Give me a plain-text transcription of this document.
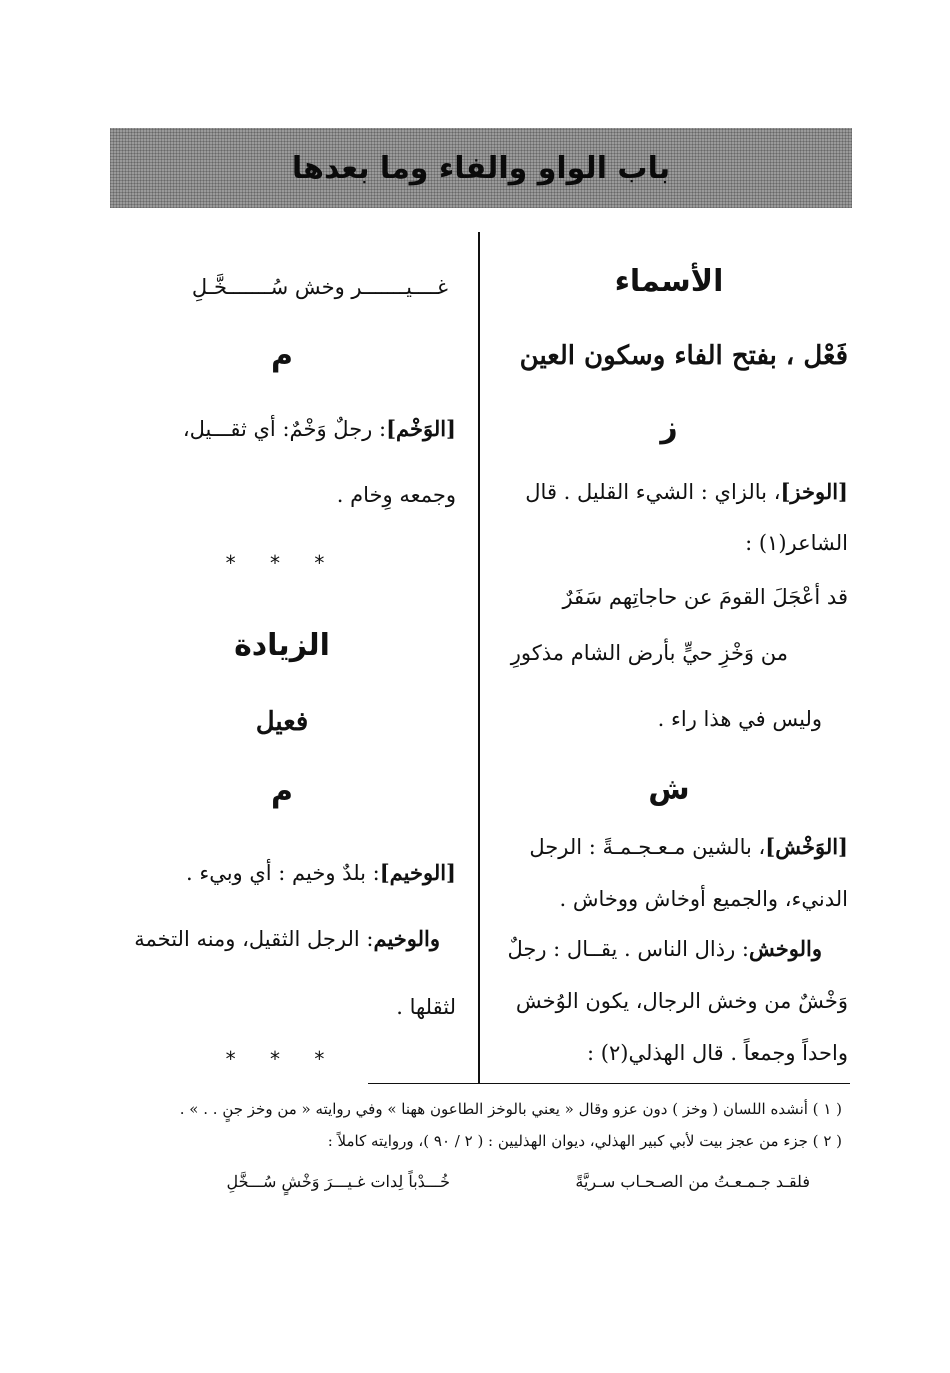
باب الواو والفاء وما بعدها
الأسماء
فَعْل ، بفتح الفاء وسكون العين
ز
[الوخز]، بالزاي : الشيء القليل . قال
الشاعر(١) :
قد أعْجَلَ القومَ عن حاجاتِهم سَفَرٌ
من وَخْزِ حيٍّ بأرض الشام مذكورِ
وليس في هذا راء .
ش
[الوَخْش]، بالشين مـعـجـمـةً : الرجل
الدنيء، والجميع أوخاش ووخاش .
والوخش: رذال الناس . يقــال : رجلٌ
وَخْشٌ من وخش الرجال، يكون الوُخش
واحداً وجمعاً . قال الهذلي(٢) :
غــــيـــــــر وخش سُـــــــخَّـلِ
م
[الوَخْم]: رجلٌ وَخْمٌ: أي ثقـــيل،
وجمعه وِخام .
* * *
الزيادة
فعيل
م
[الوخيم]: بلدٌ وخيم : أي وبيء .
والوخيم: الرجل الثقيل، ومنه التخمة
لثقلها .
* * *
( ١ ) أنشده اللسان ( وخز ) دون عزو وقال « يعني بالوخز الطاعون ههنا » وفي روايته « من وخز جنٍ . . » .
( ٢ ) جزء من عجز بيت لأبي كبير الهذلي، ديوان الهذليين : ( ٢ / ٩٠ )، وروايته كاملاً :
فلقـد جـمـعـتُ من الصـحـاب سـريَّةً
خُـــدْباً لِدات غـيـــرَ وَخْشٍ سُـــخَّلِ
